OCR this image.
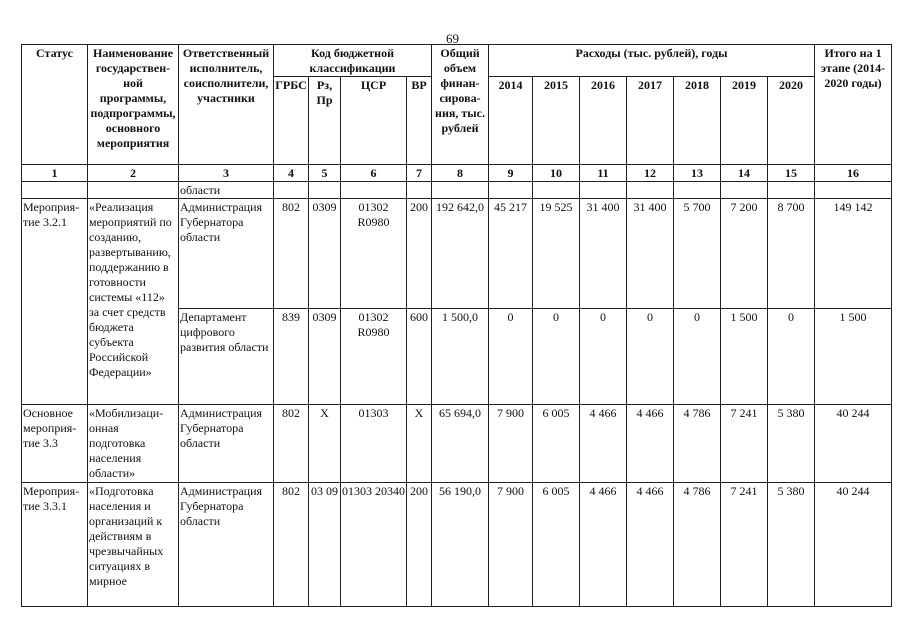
69
Статус	Наименование государствен-ной программы, подпрограммы, основного мероприятия	Ответственный исполнитель, соисполнители, участники	Код бюджетной классификации				Общий объем финан-сирова-ния, тыс. рублей	Расходы (тыс. рублей), годы							Итого на 1 этапе (2014-2020 годы)
			ГРБС	Рз, Пр	ЦСР	ВР		2014	2015	2016	2017	2018	2019	2020	
1	2	3	4	5	6	7	8	9	10	11	12	13	14	15	16
		области													
Мероприя-тие 3.2.1	«Реализация мероприятий по созданию, развертыванию, поддержанию в готовности системы «112» за счет средств бюджета субъекта Российской Федерации»	Администрация Губернатора области	802	0309	01302 R0980	200	192 642,0	45 217	19 525	31 400	31 400	5 700	7 200	8 700	149 142
		Департамент цифрового развития области	839	0309	01302 R0980	600	1 500,0	0	0	0	0	0	1 500	0	1 500
Основное мероприя-тие 3.3	«Мобилизаци-онная подготовка населения области»	Администрация Губернатора области	802	Х	01303	Х	65 694,0	7 900	6 005	4 466	4 466	4 786	7 241	5 380	40 244
Мероприя-тие 3.3.1	«Подготовка населения и организаций к действиям в чрезвычайных ситуациях в мирное	Администрация Губернатора области	802	03 09	01303 20340	200	56 190,0	7 900	6 005	4 466	4 466	4 786	7 241	5 380	40 244
